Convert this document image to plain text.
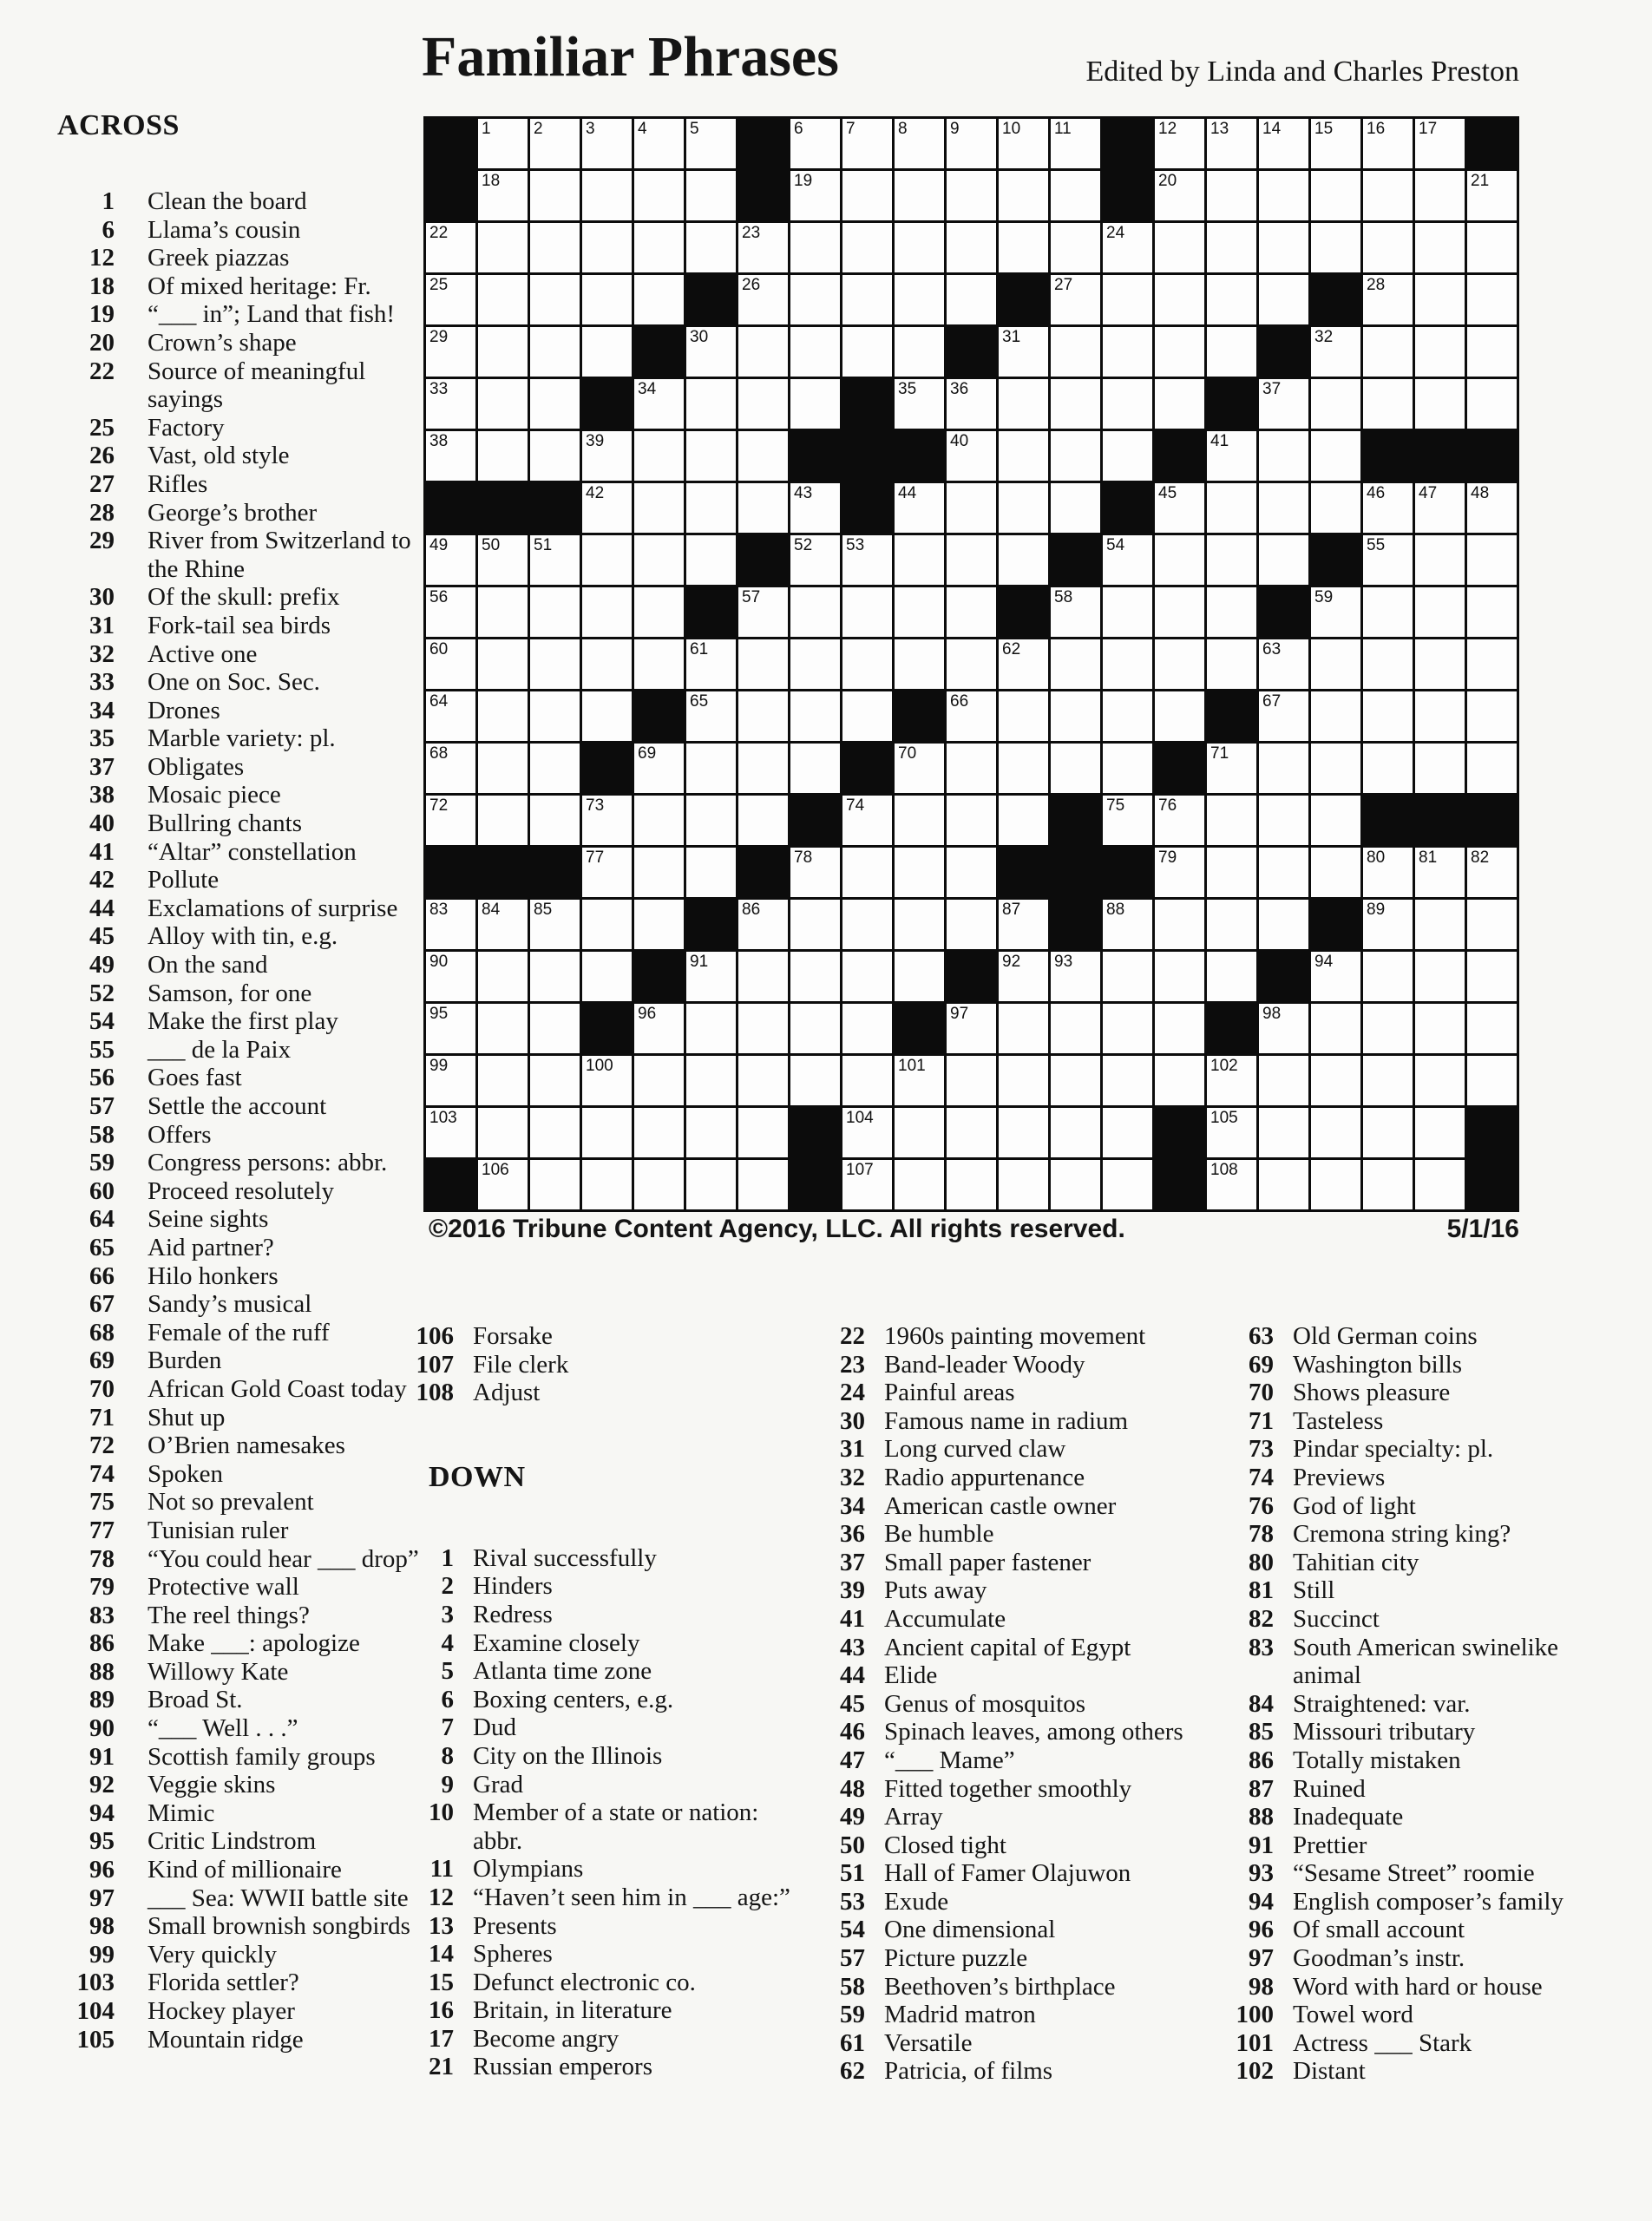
Familiar Phrases	Edited by Linda and Charles Preston
ACROSS
1 Clean the board
6 Llama’s cousin
12 Greek piazzas
18 Of mixed heritage: Fr.
19 “___ in”; Land that fish!
20 Crown’s shape
22 Source of meaningful sayings
25 Factory
26 Vast, old style
27 Rifles
28 George’s brother
29 River from Switzerland to the Rhine
30 Of the skull: prefix
31 Fork-tail sea birds
32 Active one
33 One on Soc. Sec.
34 Drones
35 Marble variety: pl.
37 Obligates
38 Mosaic piece
40 Bullring chants
41 “Altar” constellation
42 Pollute
44 Exclamations of surprise
45 Alloy with tin, e.g.
49 On the sand
52 Samson, for one
54 Make the first play
55 ___ de la Paix
56 Goes fast
57 Settle the account
58 Offers
59 Congress persons: abbr.
60 Proceed resolutely
64 Seine sights
65 Aid partner?
66 Hilo honkers
67 Sandy’s musical
68 Female of the ruff
69 Burden
70 African Gold Coast today
71 Shut up
72 O’Brien namesakes
74 Spoken
75 Not so prevalent
77 Tunisian ruler
78 “You could hear ___ drop”
79 Protective wall
83 The reel things?
86 Make ___: apologize
88 Willowy Kate
89 Broad St.
90 “___ Well . . .”
91 Scottish family groups
92 Veggie skins
94 Mimic
95 Critic Lindstrom
96 Kind of millionaire
97 ___ Sea: WWII battle site
98 Small brownish songbirds
99 Very quickly
103 Florida settler?
104 Hockey player
105 Mountain ridge
1	2	3	4	5	6	7	8	9	10 11	12 13 14 15 16 17
18	19	20	21
22	23	24
25	26	27	28
29	30	31	32
33	34	35 36	37
38	39	40	41
42	43	44	45	46 47 48
49 50 51	52 53	54	55
56	57	58	59
60	61	62	63
64	65	66	67
68	69	70	71
72	73	74	75 76
77	78	79	80 81 82
83 84 85	86	87	88	89
90	91	92 93	94
95	96	97	98
99	100	101	102
103	104	105
106	107	108
©2016 Tribune Content Agency, LLC. All rights reserved.	5/1/16
106 Forsake
107 File clerk
108 Adjust
DOWN
1 Rival successfully
2 Hinders
3 Redress
4 Examine closely
5 Atlanta time zone
6 Boxing centers, e.g.
7 Dud
8 City on the Illinois
9 Grad
10 Member of a state or nation: abbr.
11 Olympians
12 “Haven’t seen him in ___ age:”
13 Presents
14 Spheres
15 Defunct electronic co.
16 Britain, in literature
17 Become angry
21 Russian emperors
22 1960s painting movement
23 Band-leader Woody
24 Painful areas
30 Famous name in radium
31 Long curved claw
32 Radio appurtenance
34 American castle owner
36 Be humble
37 Small paper fastener
39 Puts away
41 Accumulate
43 Ancient capital of Egypt
44 Elide
45 Genus of mosquitos
46 Spinach leaves, among others
47 “___ Mame”
48 Fitted together smoothly
49 Array
50 Closed tight
51 Hall of Famer Olajuwon
53 Exude
54 One dimensional
57 Picture puzzle
58 Beethoven’s birthplace
59 Madrid matron
61 Versatile
62 Patricia, of films
63 Old German coins
69 Washington bills
70 Shows pleasure
71 Tasteless
73 Pindar specialty: pl.
74 Previews
76 God of light
78 Cremona string king?
80 Tahitian city
81 Still
82 Succinct
83 South American swinelike animal
84 Straightened: var.
85 Missouri tributary
86 Totally mistaken
87 Ruined
88 Inadequate
91 Prettier
93 “Sesame Street” roomie
94 English composer’s family
96 Of small account
97 Goodman’s instr.
98 Word with hard or house
100 Towel word
101 Actress ___ Stark
102 Distant
